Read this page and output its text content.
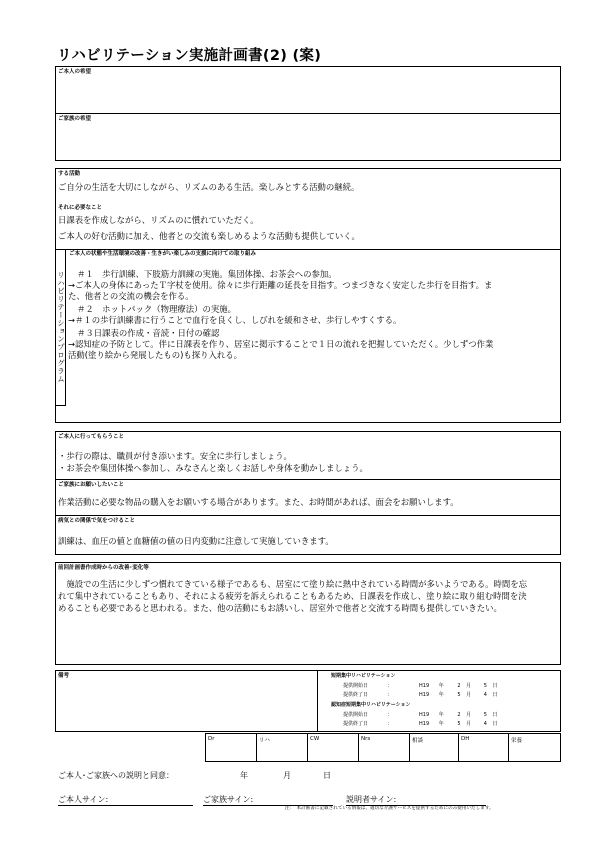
リハビリテーション実施計画書(2) (案)
ご本人の希望
ご家族の希望
する活動
ご自分の生活を大切にしながら、リズムのある生活。楽しみとする活動の継続。
それに必要なこと
日課表を作成しながら、リズムのに慣れていただく。
ご本人の好む活動に加え、他者との交流も楽しめるような活動も提供していく。
リハビリテーションプログラム
ご本人の状態や生活環境の改善・生きがい楽しみの支援に向けての取り組み
＃１　歩行訓練、下肢筋力訓練の実施。集団体操、お茶会への参加。
→ご本人の身体にあったＴ字杖を使用。徐々に歩行距離の延長を目指す。つまづきなく安定した歩行を目指す。ま
た、他者との交流の機会を作る。
＃２　ホットパック（物理療法）の実施。
→＃１の歩行訓練書に行うことで血行を良くし、しびれを緩和させ、歩行しやすくする。
＃３日課表の作成・音読・日付の確認
→認知症の予防として。伴に日課表を作り、居室に掲示することで１日の流れを把握していただく。少しずつ作業
活動(塗り絵から発展したもの)も探り入れる。
ご本人に行ってもらうこと
・歩行の際は、職員が付き添います。安全に歩行しましょう。
・お茶会や集団体操へ参加し、みなさんと楽しくお話しや身体を動かしましょう。
ご家族にお願いしたいこと
作業活動に必要な物品の購入をお願いする場合があります。また、お時間があれば、面会をお願いします。
病気との関係で気をつけること
訓練は、血圧の値と血糖値の値の日内変動に注意して実施していきます。
前回計画書作成時からの改善･変化等
　施設での生活に少しずつ慣れてきている様子であるも、居室にて塗り絵に熱中されている時間が多いようである。時間を忘
れて集中されていることもあり、それによる疲労を訴えられることもあるため、日課表を作成し、塗り絵に取り組む時間を決
めることも必要であると思われる。また、他の活動にもお誘いし、居室外で他者と交流する時間も提供していきたい。
備考	短期集中リハビリテーション
提供開始日	：	H19 年	2 月	5 日
提供終了日	：	H19 年	5 月	4 日
認知症短期集中リハビリテーション
提供開始日	：	H19 年	2 月	5 日
提供終了日	：	H19 年	5 月	4 日
Dr	リハ	CW	Nrs	相談	DH	栄養
ご本人･ご家族への説明と同意：	年	月	日
ご本人サイン:	ご家族サイン:	説明者サイン:
注：　本計画書に記載されている情報は、適切な介護サービスを提供するためにのみ使用いたします。
